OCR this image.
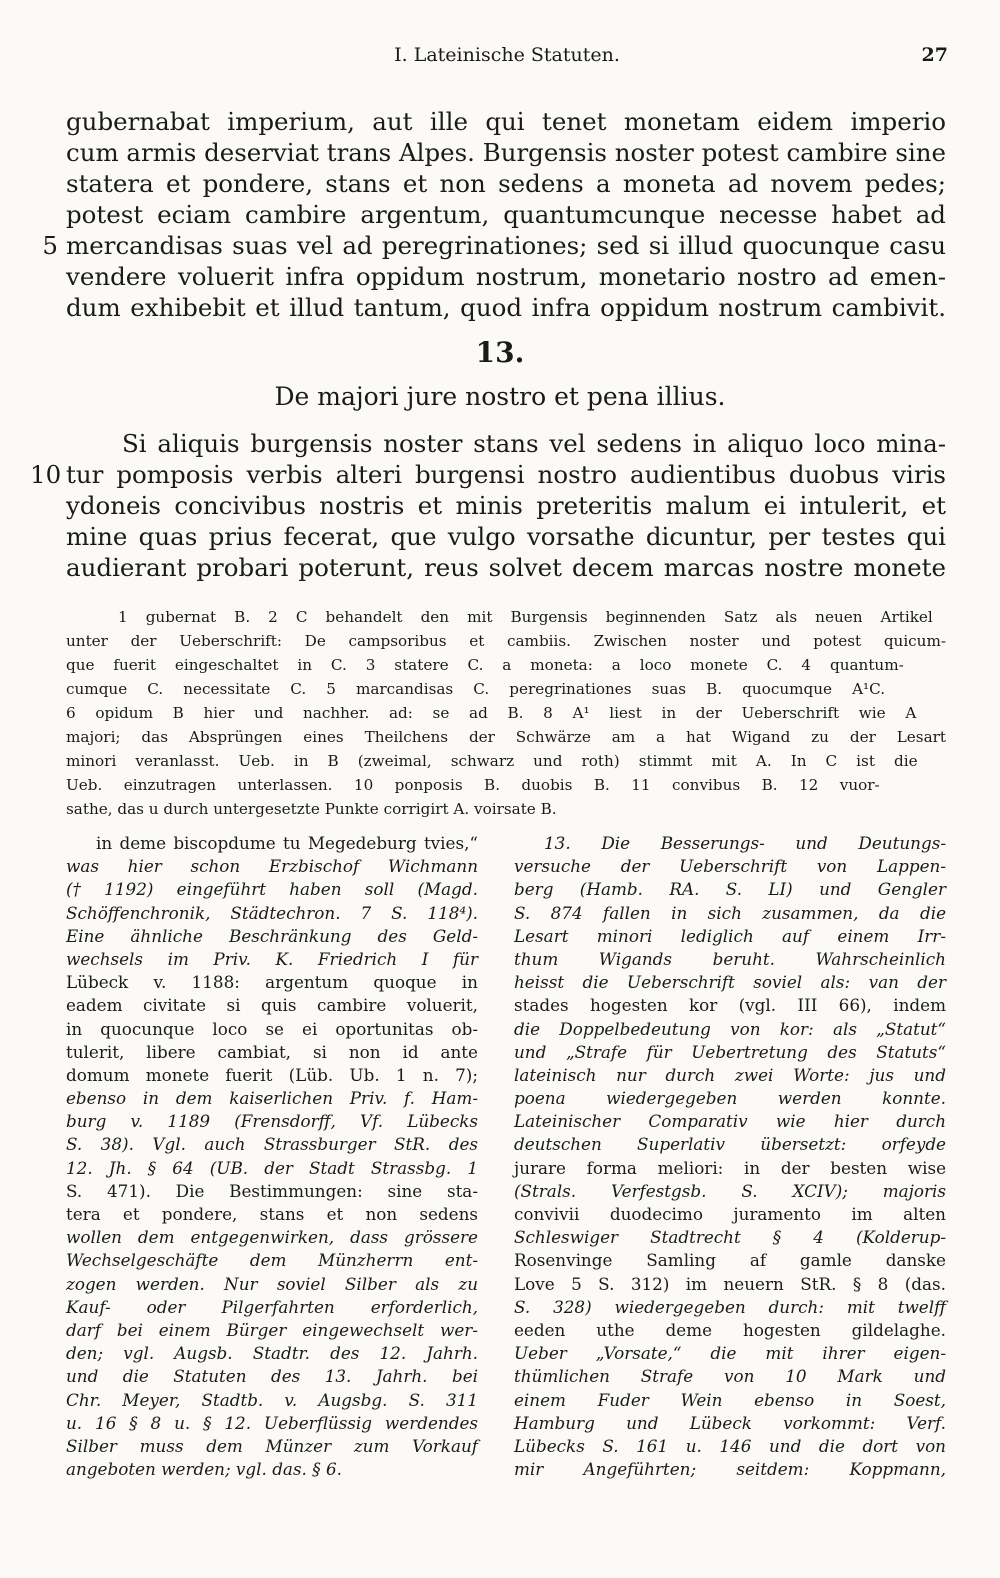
I. Lateinische Statuten.	27
gubernabat imperium, aut ille qui tenet monetam eidem imperio
cum armis deserviat trans Alpes. Burgensis noster potest cambire sine
statera et pondere, stans et non sedens a moneta ad novem pedes;
potest eciam cambire argentum, quantumcunque necesse habet ad
5 mercandisas suas vel ad peregrinationes; sed si illud quocunque casu
vendere voluerit infra oppidum nostrum, monetario nostro ad emen-
dum exhibebit et illud tantum, quod infra oppidum nostrum cambivit.
13.
De majori jure nostro et pena illius.
Si aliquis burgensis noster stans vel sedens in aliquo loco mina-
10 tur pomposis verbis alteri burgensi nostro audientibus duobus viris
ydoneis concivibus nostris et minis preteritis malum ei intulerit, et
mine quas prius fecerat, que vulgo vorsathe dicuntur, per testes qui
audierant probari poterunt, reus solvet decem marcas nostre monete
1 gubernat B. 2 C behandelt den mit Burgensis beginnenden Satz als neuen Artikel
unter der Ueberschrift: De campsoribus et cambiis. Zwischen noster und potest quicum-
que fuerit eingeschaltet in C. 3 statere C. a moneta: a loco monete C. 4 quantum-
cumque C. necessitate C. 5 marcandisas C. peregrinationes suas B. quocumque A¹C.
6 opidum B hier und nachher. ad: se ad B. 8 A¹ liest in der Ueberschrift wie A
majori; das Absprüngen eines Theilchens der Schwärze am a hat Wigand zu der Lesart
minori veranlasst. Ueb. in B (zweimal, schwarz und roth) stimmt mit A. In C ist die
Ueb. einzutragen unterlassen. 10 ponposis B. duobis B. 11 convibus B. 12 vuor-
sathe, das u durch untergesetzte Punkte corrigirt A. voirsate B.
in deme biscopdume tu Megedeburg tvies,“
was hier schon Erzbischof Wichmann
(† 1192) eingeführt haben soll (Magd.
Schöffenchronik, Städtechron. 7 S. 118⁴).
Eine ähnliche Beschränkung des Geld-
wechsels im Priv. K. Friedrich I für
Lübeck v. 1188: argentum quoque in
eadem civitate si quis cambire voluerit,
in quocunque loco se ei oportunitas ob-
tulerit, libere cambiat, si non id ante
domum monete fuerit (Lüb. Ub. 1 n. 7);
ebenso in dem kaiserlichen Priv. f. Ham-
burg v. 1189 (Frensdorff, Vf. Lübecks
S. 38). Vgl. auch Strassburger StR. des
12. Jh. § 64 (UB. der Stadt Strassbg. 1
S. 471). Die Bestimmungen: sine sta-
tera et pondere, stans et non sedens
wollen dem entgegenwirken, dass grössere
Wechselgeschäfte dem Münzherrn ent-
zogen werden. Nur soviel Silber als zu
Kauf- oder Pilgerfahrten erforderlich,
darf bei einem Bürger eingewechselt wer-
den; vgl. Augsb. Stadtr. des 12. Jahrh.
und die Statuten des 13. Jahrh. bei
Chr. Meyer, Stadtb. v. Augsbg. S. 311
u. 16 § 8 u. § 12. Ueberflüssig werdendes
Silber muss dem Münzer zum Vorkauf
angeboten werden; vgl. das. § 6.
13. Die Besserungs- und Deutungs-
versuche der Ueberschrift von Lappen-
berg (Hamb. RA. S. LI) und Gengler
S. 874 fallen in sich zusammen, da die
Lesart minori lediglich auf einem Irr-
thum Wigands beruht. Wahrscheinlich
heisst die Ueberschrift soviel als: van der
stades hogesten kor (vgl. III 66), indem
die Doppelbedeutung von kor: als „Statut“
und „Strafe für Uebertretung des Statuts“
lateinisch nur durch zwei Worte: jus und
poena wiedergegeben werden konnte.
Lateinischer Comparativ wie hier durch
deutschen Superlativ übersetzt: orfeyde
jurare forma meliori: in der besten wise
(Strals. Verfestgsb. S. XCIV); majoris
convivii duodecimo juramento im alten
Schleswiger Stadtrecht § 4 (Kolderup-
Rosenvinge Samling af gamle danske
Love 5 S. 312) im neuern StR. § 8 (das.
S. 328) wiedergegeben durch: mit twelff
eeden uthe deme hogesten gildelaghe.
Ueber „Vorsate,“ die mit ihrer eigen-
thümlichen Strafe von 10 Mark und
einem Fuder Wein ebenso in Soest,
Hamburg und Lübeck vorkommt: Verf.
Lübecks S. 161 u. 146 und die dort von
mir Angeführten; seitdem: Koppmann,
